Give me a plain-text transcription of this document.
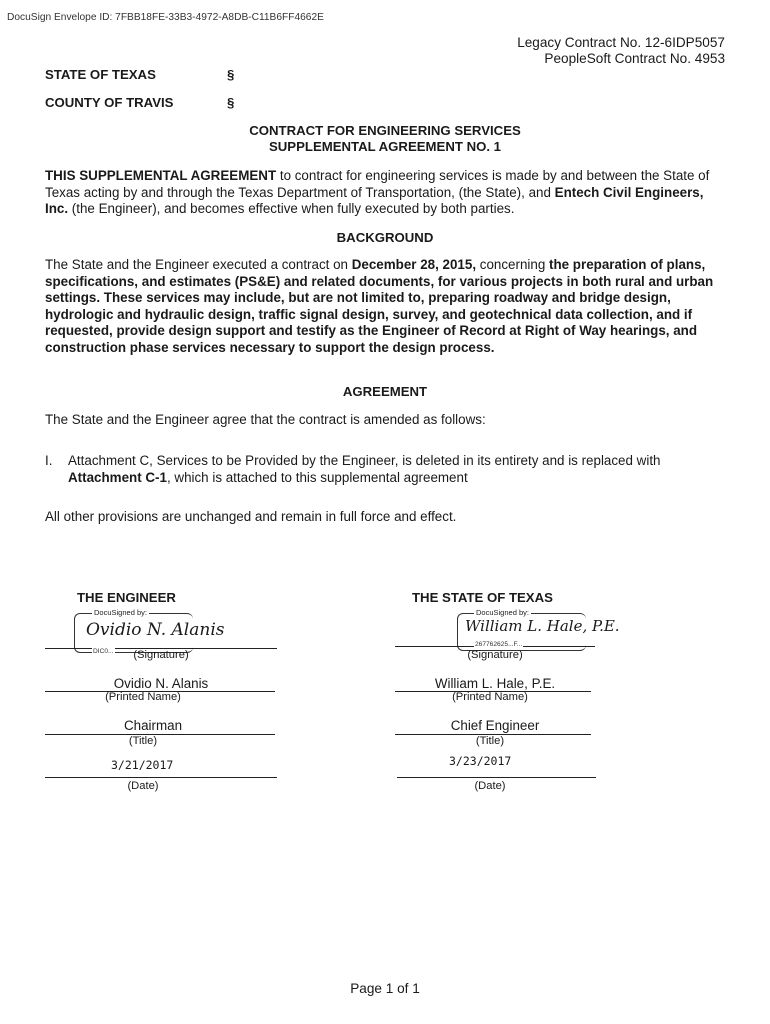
DocuSign Envelope ID: 7FBB18FE-33B3-4972-A8DB-C11B6FF4662E
Legacy Contract No. 12-6IDP5057
PeopleSoft Contract No. 4953
STATE OF TEXAS	§
COUNTY OF TRAVIS	§
CONTRACT FOR ENGINEERING SERVICES
SUPPLEMENTAL AGREEMENT NO. 1
THIS SUPPLEMENTAL AGREEMENT to contract for engineering services is made by and between the State of Texas acting by and through the Texas Department of Transportation, (the State), and Entech Civil Engineers, Inc. (the Engineer), and becomes effective when fully executed by both parties.
BACKGROUND
The State and the Engineer executed a contract on December 28, 2015, concerning the preparation of plans, specifications, and estimates (PS&E) and related documents, for various projects in both rural and urban settings. These services may include, but are not limited to, preparing roadway and bridge design, hydrologic and hydraulic design, traffic signal design, survey, and geotechnical data collection, and if requested, provide design support and testify as the Engineer of Record at Right of Way hearings, and construction phase services necessary to support the design process.
AGREEMENT
The State and the Engineer agree that the contract is amended as follows:
I. Attachment C, Services to be Provided by the Engineer, is deleted in its entirety and is replaced with Attachment C-1, which is attached to this supplemental agreement
All other provisions are unchanged and remain in full force and effect.
THE ENGINEER
DocuSigned by:
Ovidio N. Alanis
DIC0...	(Signature)
Ovidio N. Alanis
(Printed Name)
Chairman
(Title)
3/21/2017
(Date)
THE STATE OF TEXAS
DocuSigned by:
William L. Hale, P.E.
267762625...F...
(Signature)
William L. Hale, P.E.
(Printed Name)
Chief Engineer
(Title)
3/23/2017
(Date)
Page 1 of 1
